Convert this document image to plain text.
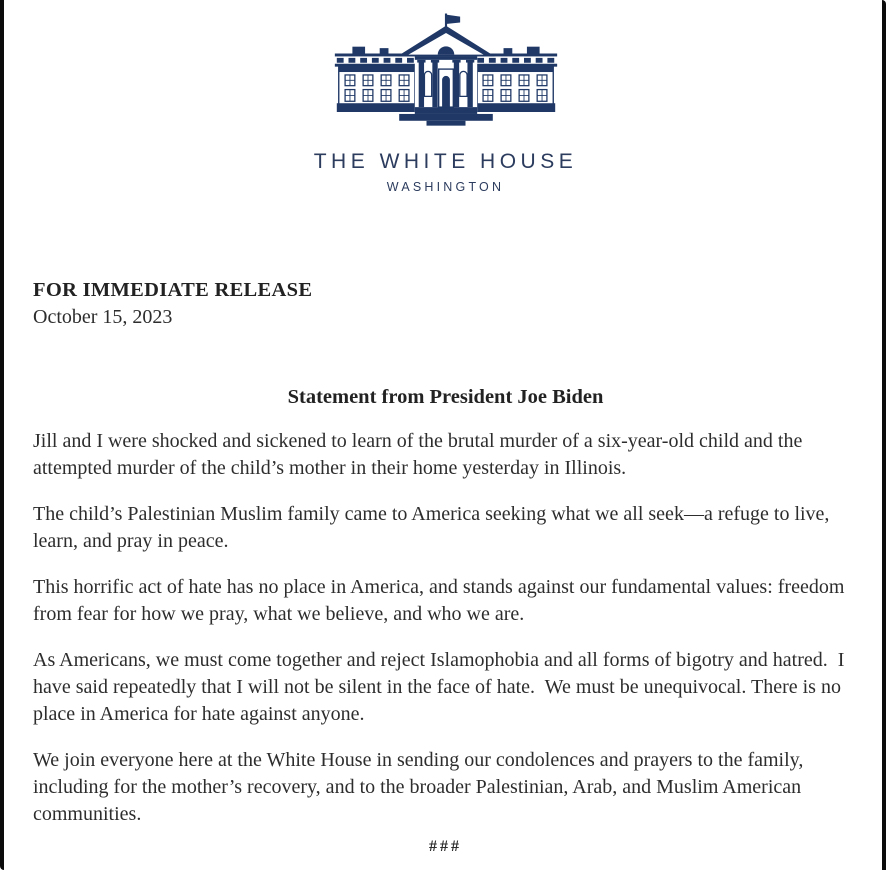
THE WHITE HOUSE
WASHINGTON
FOR IMMEDIATE RELEASE
October 15, 2023
Statement from President Joe Biden

Jill and I were shocked and sickened to learn of the brutal murder of a six-year-old child and the attempted murder of the child’s mother in their home yesterday in Illinois.

The child’s Palestinian Muslim family came to America seeking what we all seek—a refuge to live, learn, and pray in peace.

This horrific act of hate has no place in America, and stands against our fundamental values: freedom from fear for how we pray, what we believe, and who we are.

As Americans, we must come together and reject Islamophobia and all forms of bigotry and hatred.  I have said repeatedly that I will not be silent in the face of hate.  We must be unequivocal. There is no place in America for hate against anyone.

We join everyone here at the White House in sending our condolences and prayers to the family, including for the mother’s recovery, and to the broader Palestinian, Arab, and Muslim American communities.

###
